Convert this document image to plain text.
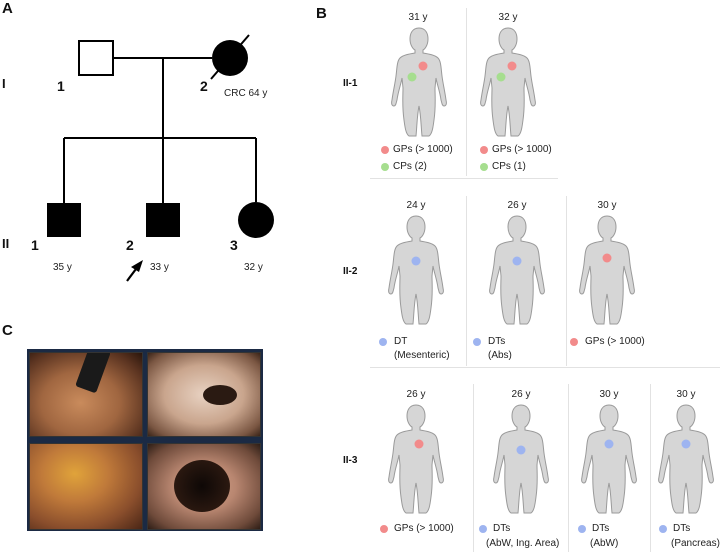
A
I
II
1	2 CRC 64 y
1
35 y
2
33 y
3
32 y
C
B
II-1
II-2
II-3
31 y	32 y
24 y	26 y	30 y
26 y	26 y	30 y	30 y
GPs (> 1000)
CPs (2)
GPs (> 1000)
CPs (1)
DT
(Mesenteric)
DTs
(Abs)
GPs (> 1000)
GPs (> 1000)	DTs
(AbW, Ing. Area)
DTs
(AbW)
DTs
(Pancreas)
